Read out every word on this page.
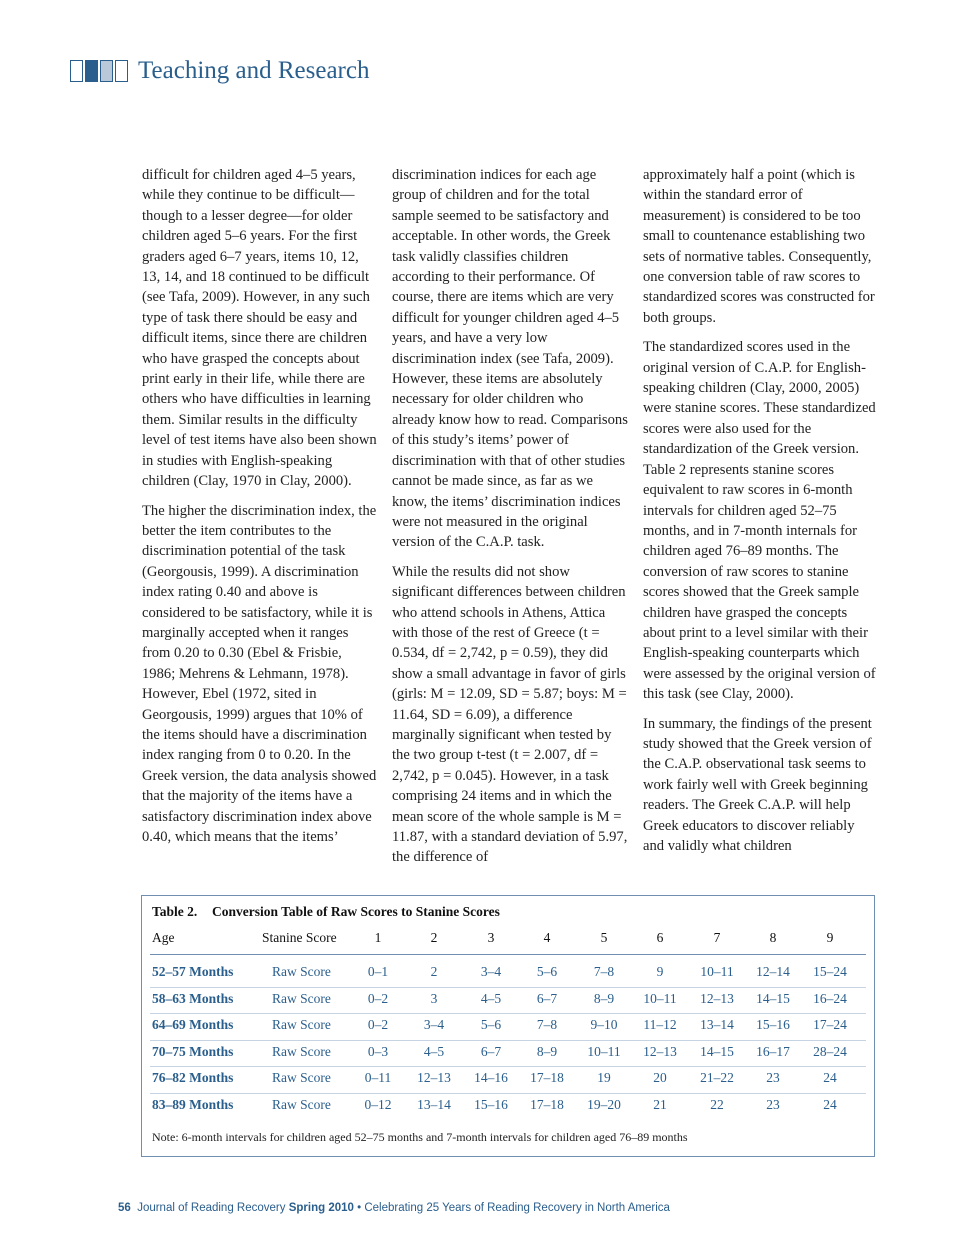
Teaching and Research

difficult for children aged 4–5 years, while they continue to be difficult—though to a lesser degree—for older children aged 5–6 years. For the first graders aged 6–7 years, items 10, 12, 13, 14, and 18 continued to be difficult (see Tafa, 2009). However, in any such type of task there should be easy and difficult items, since there are children who have grasped the concepts about print early in their life, while there are others who have difficulties in learning them. Similar results in the difficulty level of test items have also been shown in studies with English-speaking children (Clay, 1970 in Clay, 2000).

The higher the discrimination index, the better the item contributes to the discrimination potential of the task (Georgousis, 1999). A discrimination index rating 0.40 and above is considered to be satisfactory, while it is marginally accepted when it ranges from 0.20 to 0.30 (Ebel & Frisbie, 1986; Mehrens & Lehmann, 1978). However, Ebel (1972, sited in Georgousis, 1999) argues that 10% of the items should have a discrimination index ranging from 0 to 0.20. In the Greek version, the data analysis showed that the majority of the items have a satisfactory discrimination index above 0.40, which means that the items’

discrimination indices for each age group of children and for the total sample seemed to be satisfactory and acceptable. In other words, the Greek task validly classifies children according to their performance. Of course, there are items which are very difficult for younger children aged 4–5 years, and have a very low discrimination index (see Tafa, 2009). However, these items are absolutely necessary for older children who already know how to read. Comparisons of this study’s items’ power of discrimination with that of other studies cannot be made since, as far as we know, the items’ discrimination indices were not measured in the original version of the C.A.P. task.

While the results did not show significant differences between children who attend schools in Athens, Attica with those of the rest of Greece (t = 0.534, df = 2,742, p = 0.59), they did show a small advantage in favor of girls (girls: M = 12.09, SD = 5.87; boys: M = 11.64, SD = 6.09), a difference marginally significant when tested by the two group t-test (t = 2.007, df = 2,742, p = 0.045). However, in a task comprising 24 items and in which the mean score of the whole sample is M = 11.87, with a standard deviation of 5.97, the difference of

approximately half a point (which is within the standard error of measurement) is considered to be too small to countenance establishing two sets of normative tables. Consequently, one conversion table of raw scores to standardized scores was constructed for both groups.

The standardized scores used in the original version of C.A.P. for English-speaking children (Clay, 2000, 2005) were stanine scores. These standardized scores were also used for the standardization of the Greek version. Table 2 represents stanine scores equivalent to raw scores in 6-month intervals for children aged 52–75 months, and in 7-month internals for children aged 76–89 months. The conversion of raw scores to stanine scores showed that the Greek sample children have grasped the concepts about print to a level similar with their English-speaking counterparts which were assessed by the original version of this task (see Clay, 2000).

In summary, the findings of the present study showed that the Greek version of the C.A.P. observational task seems to work fairly well with Greek beginning readers. The Greek C.A.P. will help Greek educators to discover reliably and validly what children

Table 2. Conversion Table of Raw Scores to Stanine Scores
Age	Stanine Score	1	2	3	4	5	6	7	8	9
52–57 Months	Raw Score	0–1	2	3–4	5–6	7–8	9	10–11	12–14	15–24
58–63 Months	Raw Score	0–2	3	4–5	6–7	8–9	10–11	12–13	14–15	16–24
64–69 Months	Raw Score	0–2	3–4	5–6	7–8	9–10	11–12	13–14	15–16	17–24
70–75 Months	Raw Score	0–3	4–5	6–7	8–9	10–11	12–13	14–15	16–17	28–24
76–82 Months	Raw Score	0–11	12–13	14–16	17–18	19	20	21–22	23	24
83–89 Months	Raw Score	0–12	13–14	15–16	17–18	19–20	21	22	23	24
Note: 6-month intervals for children aged 52–75 months and 7-month intervals for children aged 76–89 months
56 Journal of Reading Recovery Spring 2010 • Celebrating 25 Years of Reading Recovery in North America
